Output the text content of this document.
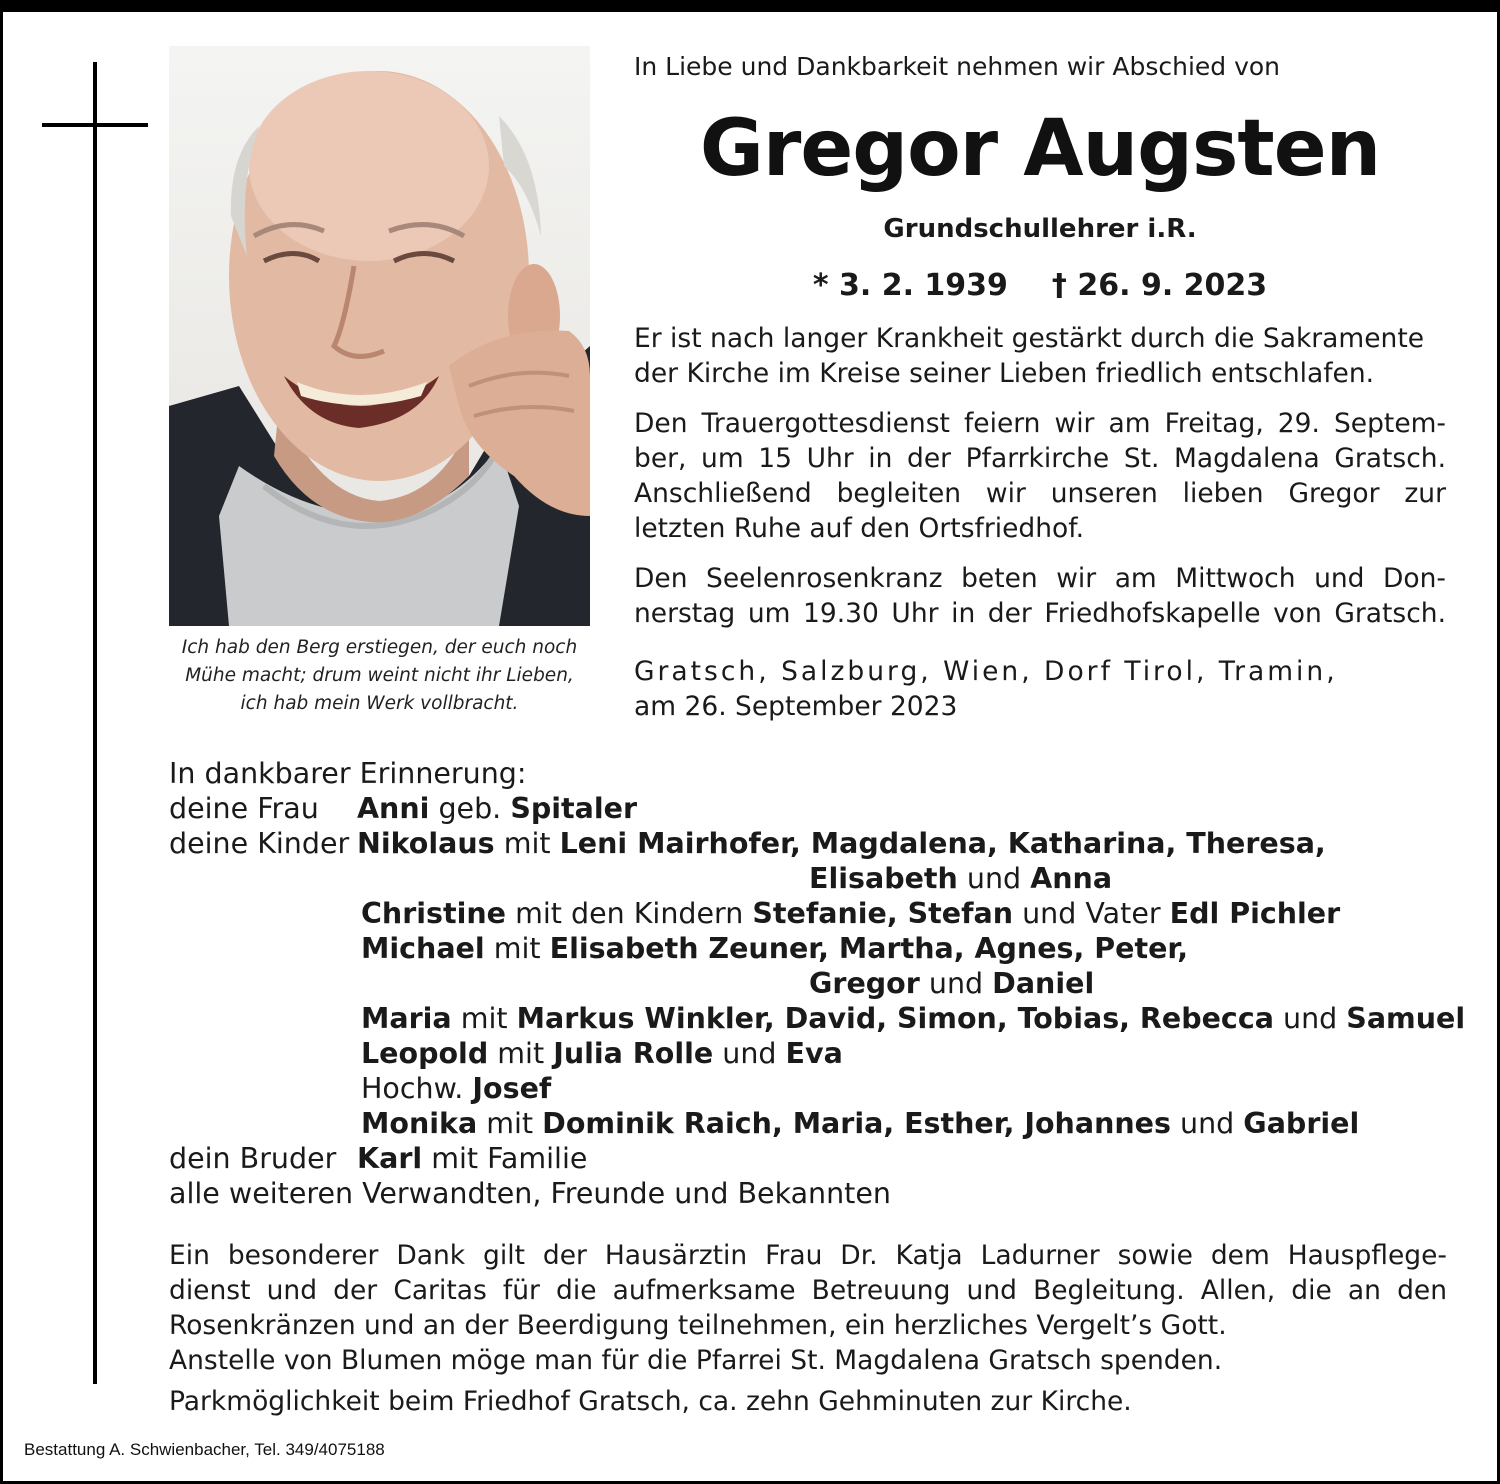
Ich hab den Berg erstiegen, der euch noch
Mühe macht; drum weint nicht ihr Lieben,
ich hab mein Werk vollbracht.
In Liebe und Dankbarkeit nehmen wir Abschied von
Gregor Augsten
Grundschullehrer i.R.
* 3. 2. 1939 † 26. 9. 2023
Er ist nach langer Krankheit gestärkt durch die Sakramente
der Kirche im Kreise seiner Lieben friedlich entschlafen.
Den Trauergottesdienst feiern wir am Freitag, 29. Septem-
ber, um 15 Uhr in der Pfarrkirche St. Magdalena Gratsch.
Anschließend begleiten wir unseren lieben Gregor zur
letzten Ruhe auf den Ortsfriedhof.
Den Seelenrosenkranz beten wir am Mittwoch und Don-
nerstag um 19.30 Uhr in der Friedhofskapelle von Gratsch.
Gratsch, Salzburg, Wien, Dorf Tirol, Tramin,
am 26. September 2023
In dankbarer Erinnerung:
deine Frau Anni geb. Spitaler
deine Kinder Nikolaus mit Leni Mairhofer, Magdalena, Katharina, Theresa,
Elisabeth und Anna
Christine mit den Kindern Stefanie, Stefan und Vater Edl Pichler
Michael mit Elisabeth Zeuner, Martha, Agnes, Peter,
Gregor und Daniel
Maria mit Markus Winkler, David, Simon, Tobias, Rebecca und Samuel
Leopold mit Julia Rolle und Eva
Hochw. Josef
Monika mit Dominik Raich, Maria, Esther, Johannes und Gabriel
dein Bruder Karl mit Familie
alle weiteren Verwandten, Freunde und Bekannten
Ein besonderer Dank gilt der Hausärztin Frau Dr. Katja Ladurner sowie dem Hauspflege-
dienst und der Caritas für die aufmerksame Betreuung und Begleitung. Allen, die an den
Rosenkränzen und an der Beerdigung teilnehmen, ein herzliches Vergelt’s Gott.
Anstelle von Blumen möge man für die Pfarrei St. Magdalena Gratsch spenden.
Parkmöglichkeit beim Friedhof Gratsch, ca. zehn Gehminuten zur Kirche.
Bestattung A. Schwienbacher, Tel. 349/4075188
